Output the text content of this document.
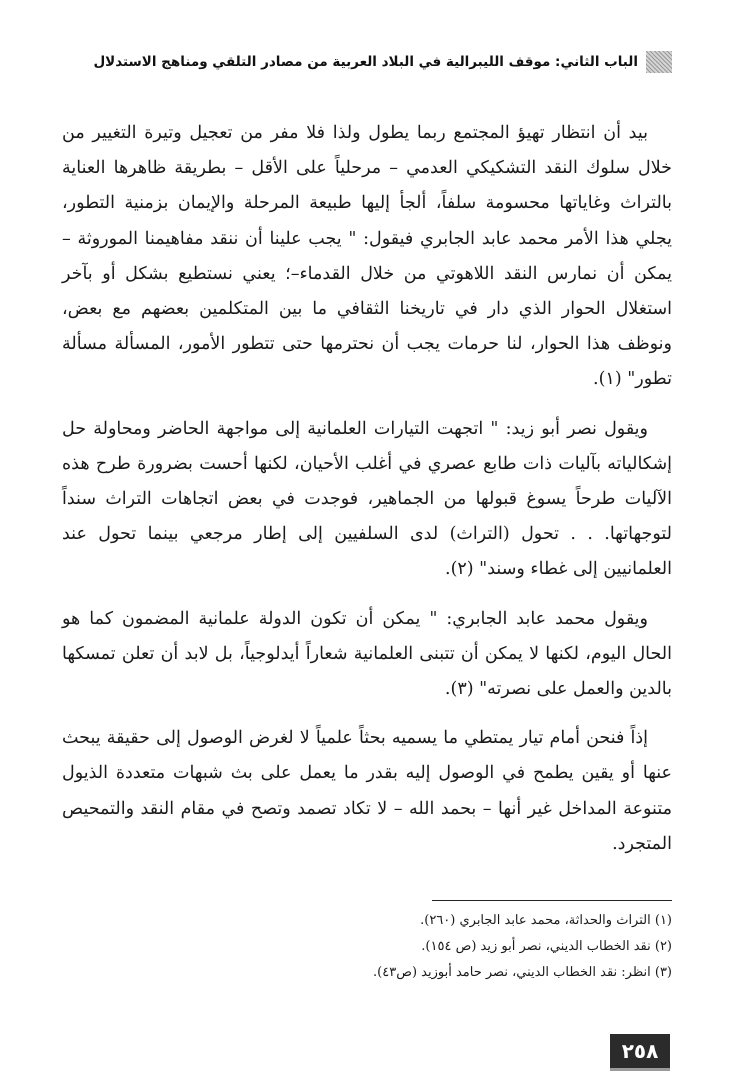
الباب الثاني: موقف الليبرالية في البلاد العربية من مصادر التلقي ومناهج الاستدلال

بيد أن انتظار تهيؤ المجتمع ربما يطول ولذا فلا مفر من تعجيل وتيرة التغيير من خلال سلوك النقد التشكيكي العدمي – مرحلياً على الأقل – بطريقة ظاهرها العناية بالتراث وغاياتها محسومة سلفاً، ألجأ إليها طبيعة المرحلة والإيمان بزمنية التطور، يجلي هذا الأمر محمد عابد الجابري فيقول: " يجب علينا أن ننقد مفاهيمنا الموروثة – يمكن أن نمارس النقد اللاهوتي من خلال القدماء–؛ يعني نستطيع بشكل أو بآخر استغلال الحوار الذي دار في تاريخنا الثقافي ما بين المتكلمين بعضهم مع بعض، ونوظف هذا الحوار، لنا حرمات يجب أن نحترمها حتى تتطور الأمور، المسألة مسألة تطور" (١).

ويقول نصر أبو زيد: " اتجهت التيارات العلمانية إلى مواجهة الحاضر ومحاولة حل إشكالياته بآليات ذات طابع عصري في أغلب الأحيان، لكنها أحست بضرورة طرح هذه الآليات طرحاً يسوغ قبولها من الجماهير، فوجدت في بعض اتجاهات التراث سنداً لتوجهاتها. . . تحول (التراث) لدى السلفيين إلى إطار مرجعي بينما تحول عند العلمانيين إلى غطاء وسند" (٢).

ويقول محمد عابد الجابري: " يمكن أن تكون الدولة علمانية المضمون كما هو الحال اليوم، لكنها لا يمكن أن تتبنى العلمانية شعاراً أيدلوجياً، بل لابد أن تعلن تمسكها بالدين والعمل على نصرته" (٣).

إذاً فنحن أمام تيار يمتطي ما يسميه بحثاً علمياً لا لغرض الوصول إلى حقيقة يبحث عنها أو يقين يطمح في الوصول إليه بقدر ما يعمل على بث شبهات متعددة الذيول متنوعة المداخل غير أنها – بحمد الله – لا تكاد تصمد وتصح في مقام النقد والتمحيص المتجرد.

(١) التراث والحداثة، محمد عابد الجابري (٢٦٠).

(٢) نقد الخطاب الديني، نصر أبو زيد (ص ١٥٤).

(٣) انظر: نقد الخطاب الديني، نصر حامد أبوزيد (ص٤٣).

٢٥٨
